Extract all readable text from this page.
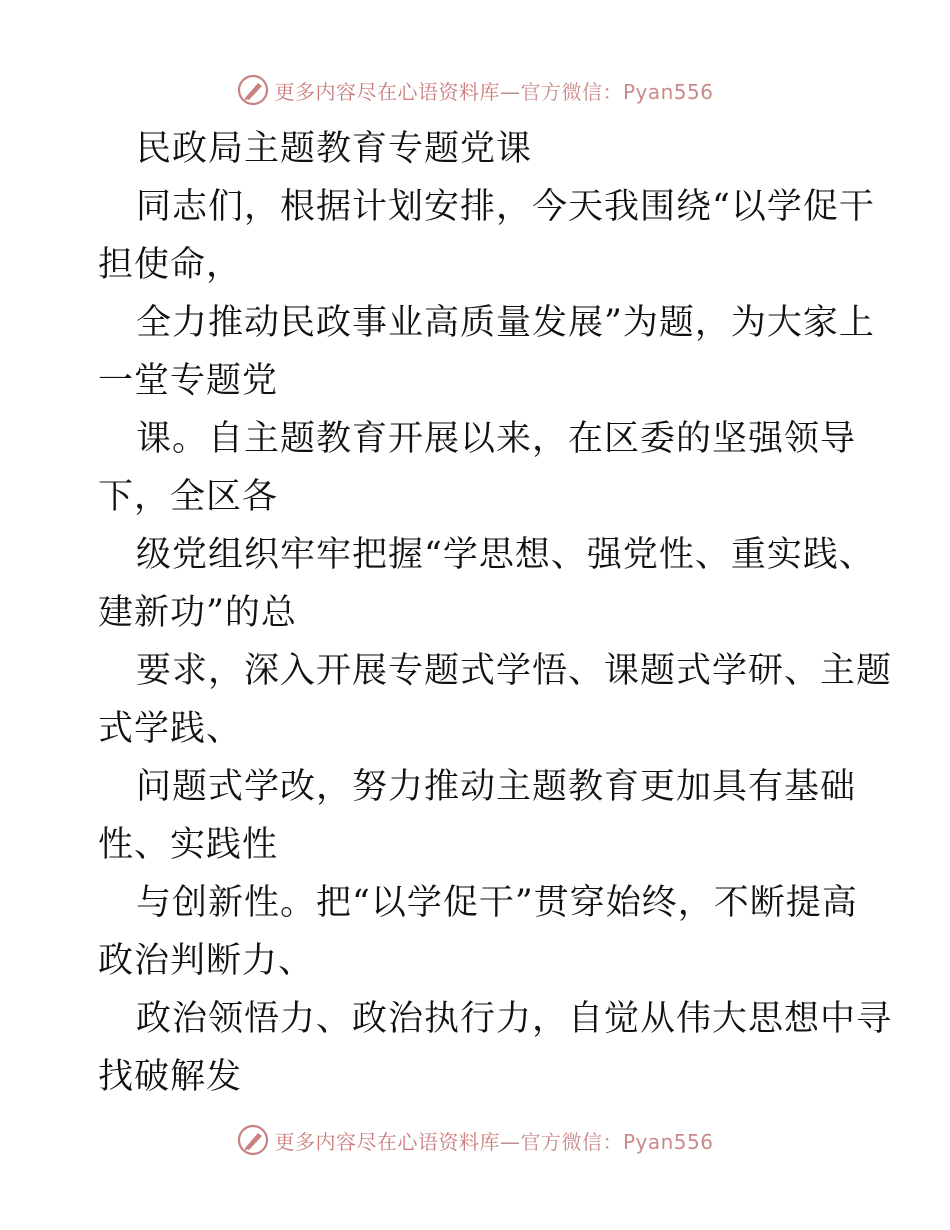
更多内容尽在心语资料库—官方微信：Pyan556
民政局主题教育专题党课
同志们，根据计划安排，今天我围绕“以学促干
担使命，
全力推动民政事业高质量发展”为题，为大家上
一堂专题党
课。自主题教育开展以来，在区委的坚强领导
下，全区各
级党组织牢牢把握“学思想、强党性、重实践、
建新功”的总
要求，深入开展专题式学悟、课题式学研、主题
式学践、
问题式学改，努力推动主题教育更加具有基础
性、实践性
与创新性。把“以学促干”贯穿始终，不断提高
政治判断力、
政治领悟力、政治执行力，自觉从伟大思想中寻
找破解发
更多内容尽在心语资料库—官方微信：Pyan556
